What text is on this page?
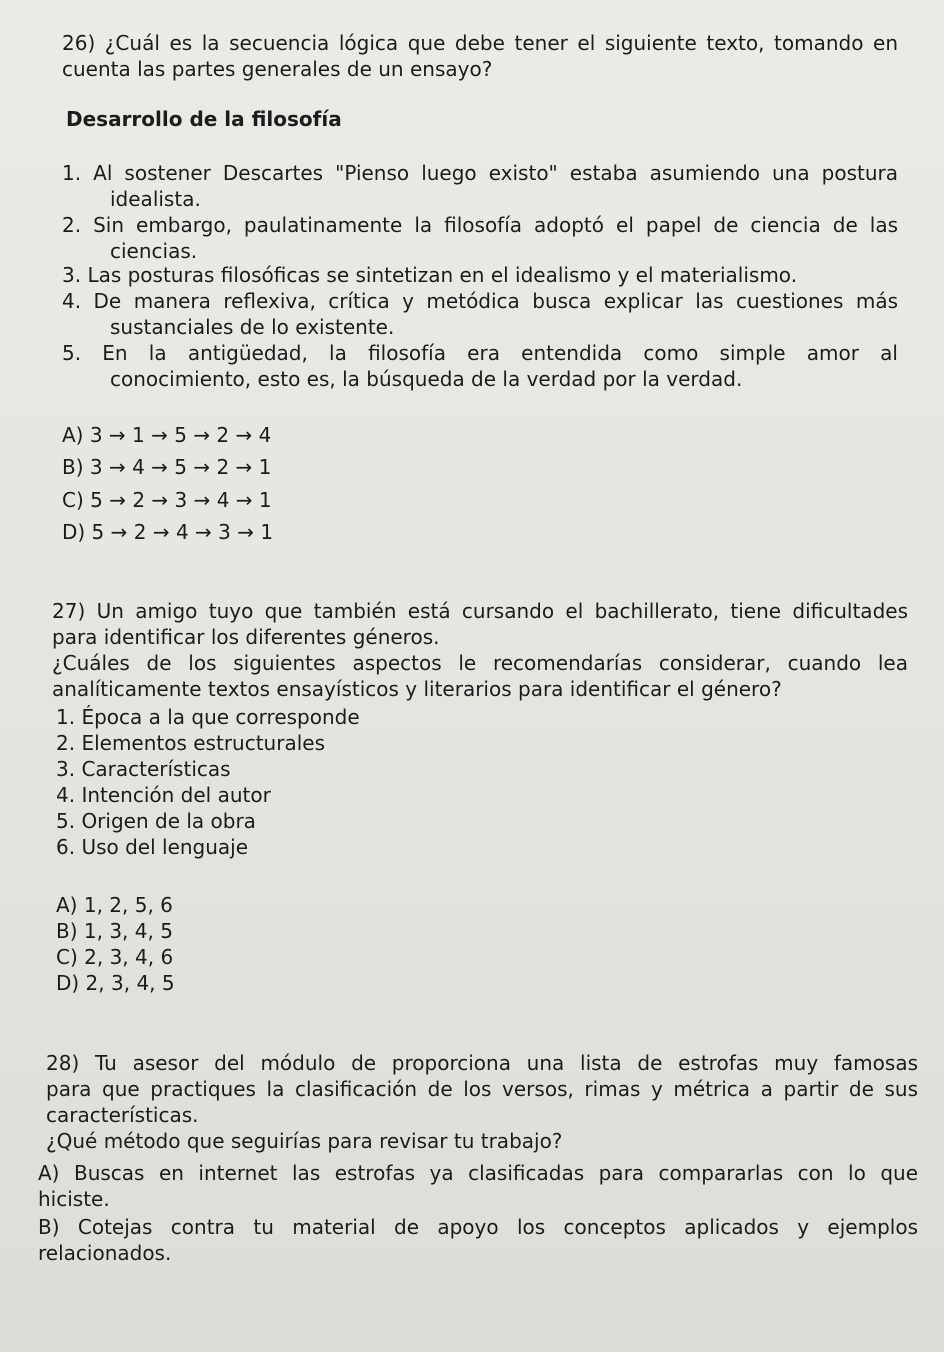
26) ¿Cuál es la secuencia lógica que debe tener el siguiente texto, tomando en
cuenta las partes generales de un ensayo?
Desarrollo de la filosofía
1. Al sostener Descartes "Pienso luego existo" estaba asumiendo una postura
idealista.
2. Sin embargo, paulatinamente la filosofía adoptó el papel de ciencia de las
ciencias.
3. Las posturas filosóficas se sintetizan en el idealismo y el materialismo.
4. De manera reflexiva, crítica y metódica busca explicar las cuestiones más
sustanciales de lo existente.
5. En la antigüedad, la filosofía era entendida como simple amor al
conocimiento, esto es, la búsqueda de la verdad por la verdad.
A) 3 → 1 → 5 → 2 → 4
B) 3 → 4 → 5 → 2 → 1
C) 5 → 2 → 3 → 4 → 1
D) 5 → 2 → 4 → 3 → 1
27) Un amigo tuyo que también está cursando el bachillerato, tiene dificultades
para identificar los diferentes géneros.
¿Cuáles de los siguientes aspectos le recomendarías considerar, cuando lea
analíticamente textos ensayísticos y literarios para identificar el género?
1. Época a la que corresponde
2. Elementos estructurales
3. Características
4. Intención del autor
5. Origen de la obra
6. Uso del lenguaje
A) 1, 2, 5, 6
B) 1, 3, 4, 5
C) 2, 3, 4, 6
D) 2, 3, 4, 5
28) Tu asesor del módulo de proporciona una lista de estrofas muy famosas
para que practiques la clasificación de los versos, rimas y métrica a partir de sus
características.
¿Qué método que seguirías para revisar tu trabajo?
A) Buscas en internet las estrofas ya clasificadas para compararlas con lo que
hiciste.
B) Cotejas contra tu material de apoyo los conceptos aplicados y ejemplos
relacionados.
